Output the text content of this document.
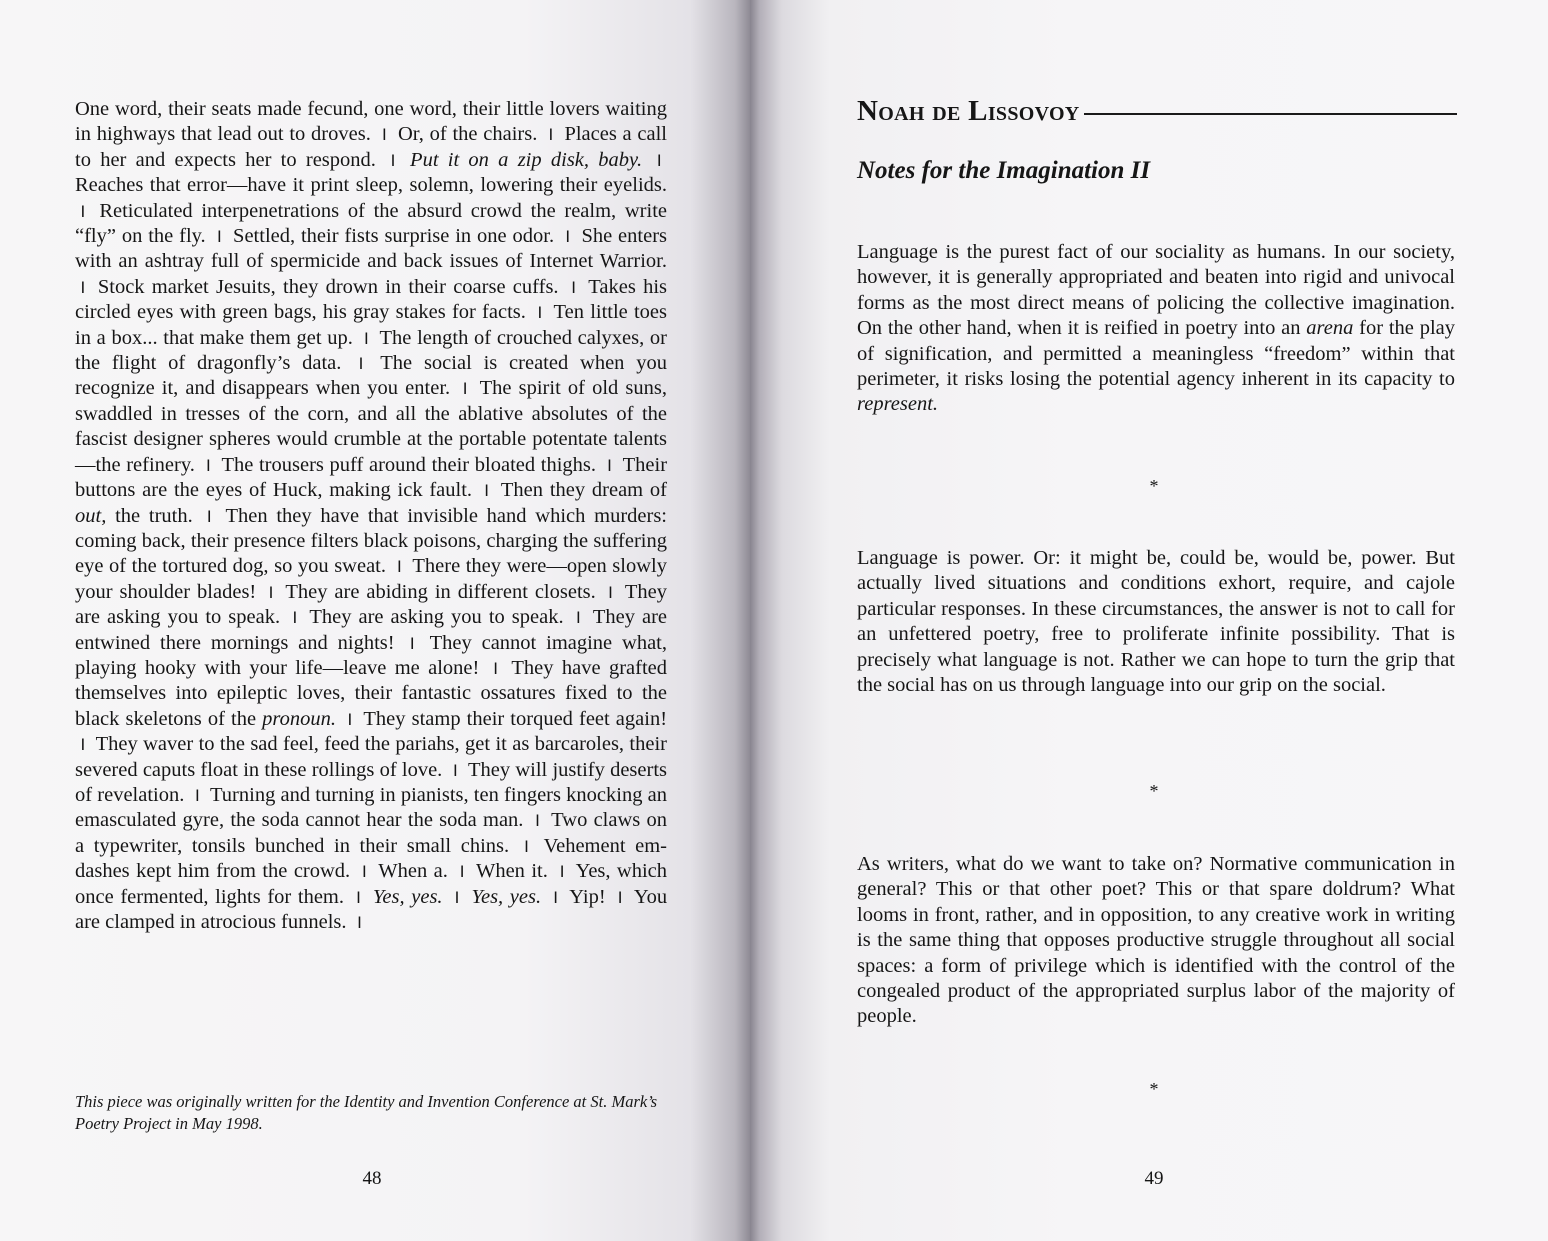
One word, their seats made fecund, one word, their little lovers waiting in highways that lead out to droves. I Or, of the chairs. I Places a call to her and expects her to respond. I Put it on a zip disk, baby. I Reaches that error—have it print sleep, solemn, lowering their eyelids. I Reticulated interpenetrations of the absurd crowd the realm, write “fly” on the fly. I Settled, their fists surprise in one odor. I She enters with an ashtray full of spermicide and back issues of Internet Warrior. I Stock market Jesuits, they drown in their coarse cuffs. I Takes his circled eyes with green bags, his gray stakes for facts. I Ten little toes in a box... that make them get up. I The length of crouched calyxes, or the flight of dragonfly’s data. I The social is created when you recognize it, and disappears when you enter. I The spirit of old suns, swaddled in tresses of the corn, and all the ablative absolutes of the fascist designer spheres would crumble at the portable potentate talents—the refinery. I The trousers puff around their bloated thighs. I Their buttons are the eyes of Huck, making ick fault. I Then they dream of out, the truth. I Then they have that invisible hand which murders: coming back, their presence filters black poisons, charging the suffering eye of the tortured dog, so you sweat. I There they were—open slowly your shoulder blades! I They are abiding in different closets. I They are asking you to speak. I They are asking you to speak. I They are entwined there mornings and nights! I They cannot imagine what, playing hooky with your life—leave me alone! I They have grafted themselves into epileptic loves, their fantastic ossatures fixed to the black skeletons of the pronoun. I They stamp their torqued feet again! I They waver to the sad feel, feed the pariahs, get it as barcaroles, their severed caputs float in these rollings of love. I They will justify deserts of revelation. I Turning and turning in pianists, ten fingers knocking an emasculated gyre, the soda cannot hear the soda man. I Two claws on a typewriter, tonsils bunched in their small chins. I Vehement em-dashes kept him from the crowd. I When a. I When it. I Yes, which once fermented, lights for them. I Yes, yes. I Yes, yes. I Yip! I You are clamped in atrocious funnels. I

This piece was originally written for the Identity and Invention Conference at St. Mark’s Poetry Project in May 1998.
48
Noah de Lissovoy
Notes for the Imagination II

Language is the purest fact of our sociality as humans. In our society, however, it is generally appropriated and beaten into rigid and univocal forms as the most direct means of policing the collective imagination. On the other hand, when it is reified in poetry into an arena for the play of signification, and permitted a meaningless “freedom” within that perimeter, it risks losing the potential agency inherent in its capacity to represent.

*

Language is power. Or: it might be, could be, would be, power. But actually lived situations and conditions exhort, require, and cajole particular responses. In these circumstances, the answer is not to call for an unfettered poetry, free to proliferate infinite possibility. That is precisely what language is not. Rather we can hope to turn the grip that the social has on us through language into our grip on the social.

*

As writers, what do we want to take on? Normative communication in general? This or that other poet? This or that spare doldrum? What looms in front, rather, and in opposition, to any creative work in writing is the same thing that opposes productive struggle throughout all social spaces: a form of privilege which is identified with the control of the congealed product of the appropriated surplus labor of the majority of people.

*
49
